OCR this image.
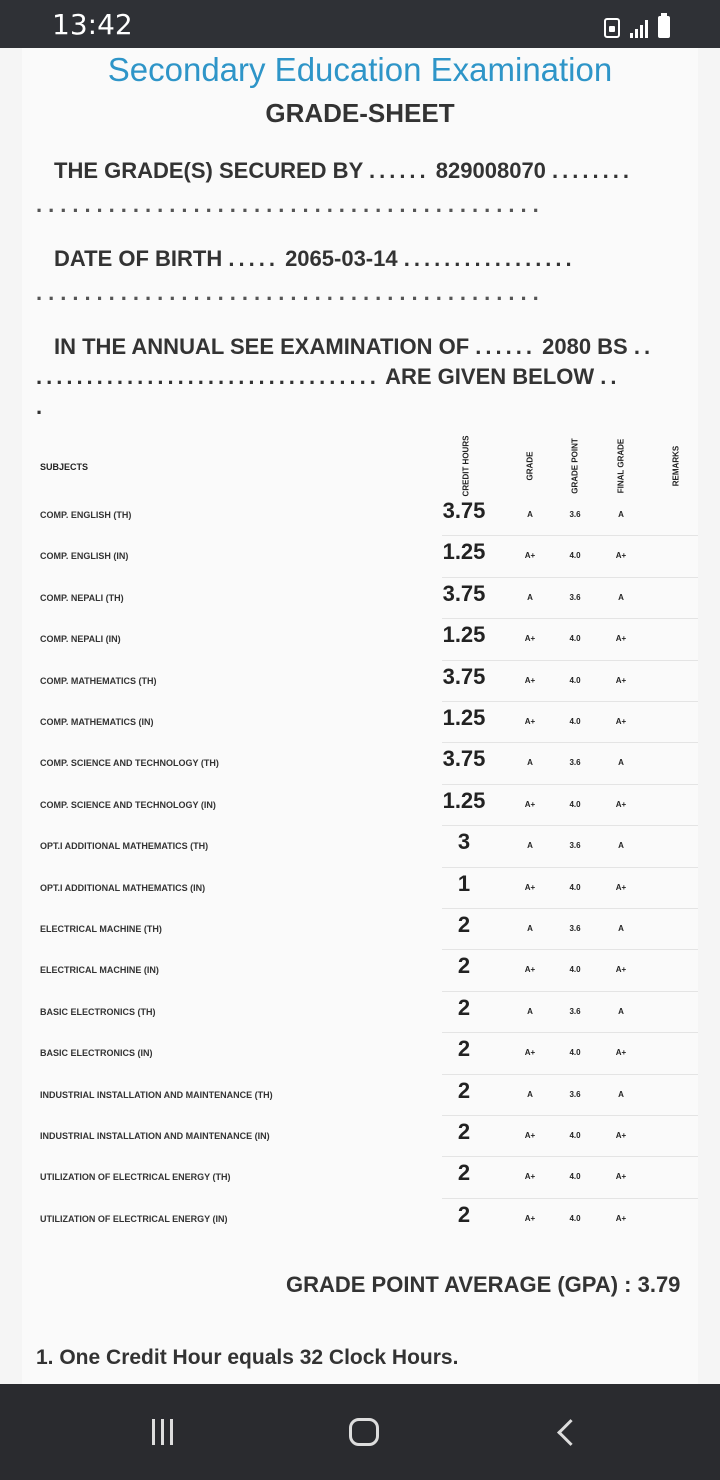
13:42
Secondary Education Examination
GRADE-SHEET
THE GRADE(S) SECURED BY ...... 829008070 ........
..........................................
DATE OF BIRTH ..... 2065-03-14 .................
..........................................
IN THE ANNUAL SEE EXAMINATION OF ...... 2080 BS ..
.................................. ARE GIVEN BELOW ..
.
SUBJECTS	CREDIT HOURS	GRADE	GRADE POINT	FINAL GRADE	REMARKS
COMP. ENGLISH (TH)	3.75	A	3.6	A
COMP. ENGLISH (IN)	1.25	A+	4.0	A+
COMP. NEPALI (TH)	3.75	A	3.6	A
COMP. NEPALI (IN)	1.25	A+	4.0	A+
COMP. MATHEMATICS (TH)	3.75	A+	4.0	A+
COMP. MATHEMATICS (IN)	1.25	A+	4.0	A+
COMP. SCIENCE AND TECHNOLOGY (TH)	3.75	A	3.6	A
COMP. SCIENCE AND TECHNOLOGY (IN)	1.25	A+	4.0	A+
OPT.I ADDITIONAL MATHEMATICS (TH)	3	A	3.6	A
OPT.I ADDITIONAL MATHEMATICS (IN)	1	A+	4.0	A+
ELECTRICAL MACHINE (TH)	2	A	3.6	A
ELECTRICAL MACHINE (IN)	2	A+	4.0	A+
BASIC ELECTRONICS (TH)	2	A	3.6	A
BASIC ELECTRONICS (IN)	2	A+	4.0	A+
INDUSTRIAL INSTALLATION AND MAINTENANCE (TH)	2	A	3.6	A
INDUSTRIAL INSTALLATION AND MAINTENANCE (IN)	2	A+	4.0	A+
UTILIZATION OF ELECTRICAL ENERGY (TH)	2	A+	4.0	A+
UTILIZATION OF ELECTRICAL ENERGY (IN)	2	A+	4.0	A+
GRADE POINT AVERAGE (GPA) : 3.79
1. One Credit Hour equals 32 Clock Hours.
